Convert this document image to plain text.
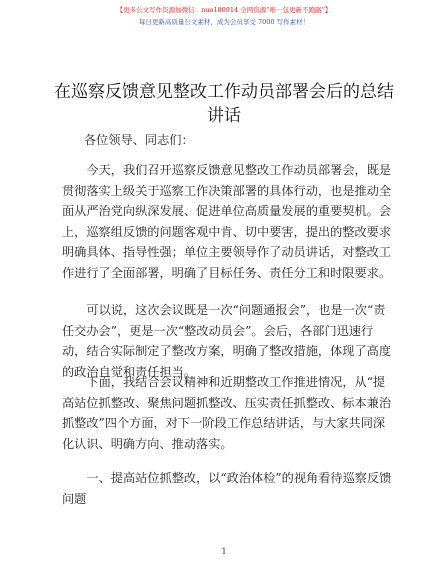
【更多公文写作资源加微信：nuo180914 全网资源“唯一包更新不跑路”】
每日更新高质量公文素材，成为会员享受 7000 写作素材！
在巡察反馈意见整改工作动员部署会后的总结
讲话

各位领导、同志们：

今天，我们召开巡察反馈意见整改工作动员部署会，既是贯彻落实上级关于巡察工作决策部署的具体行动，也是推动全面从严治党向纵深发展、促进单位高质量发展的重要契机。会上，巡察组反馈的问题客观中肯、切中要害，提出的整改要求明确具体、指导性强；单位主要领导作了动员讲话，对整改工作进行了全面部署，明确了目标任务、责任分工和时限要求。

可以说，这次会议既是一次“问题通报会”，也是一次“责任交办会”，更是一次“整改动员会”。会后，各部门迅速行动，结合实际制定了整改方案，明确了整改措施，体现了高度的政治自觉和责任担当。

下面，我结合会议精神和近期整改工作推进情况，从“提高站位抓整改、聚焦问题抓整改、压实责任抓整改、标本兼治抓整改”四个方面，对下一阶段工作总结讲话，与大家共同深化认识、明确方向、推动落实。

一、提高站位抓整改，以“政治体检”的视角看待巡察反馈问题

1
